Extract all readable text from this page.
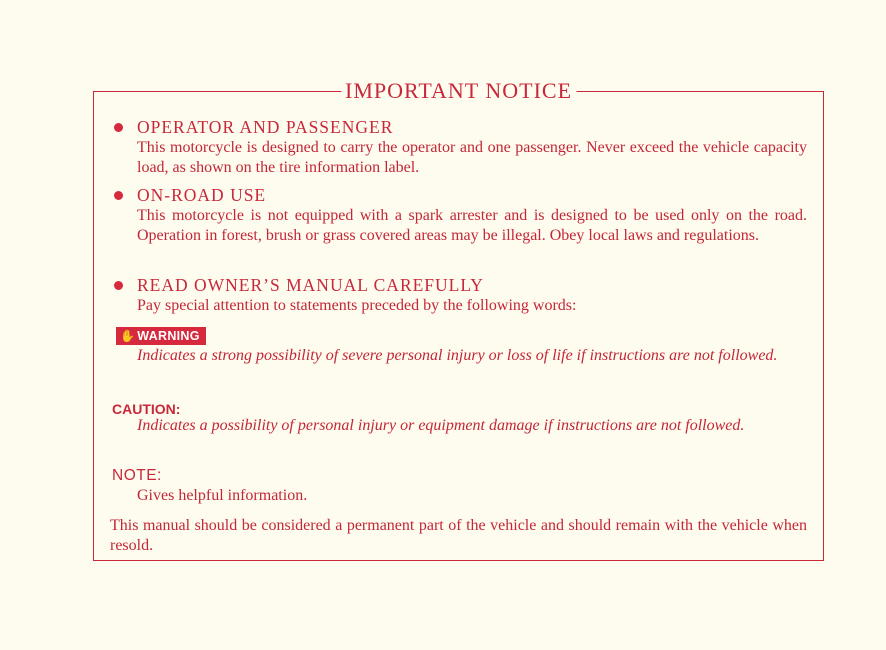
IMPORTANT NOTICE
OPERATOR AND PASSENGER
This motorcycle is designed to carry the operator and one passenger. Never exceed the vehicle capacity load, as shown on the tire information label.
ON-ROAD USE
This motorcycle is not equipped with a spark arrester and is designed to be used only on the road. Operation in forest, brush or grass covered areas may be illegal. Obey local laws and regulations.
READ OWNER’S MANUAL CAREFULLY
Pay special attention to statements preceded by the following words:
✋ WARNING
Indicates a strong possibility of severe personal injury or loss of life if instructions are not followed.
CAUTION:
Indicates a possibility of personal injury or equipment damage if instructions are not followed.
NOTE:
Gives helpful information.
This manual should be considered a permanent part of the vehicle and should remain with the vehicle when resold.
